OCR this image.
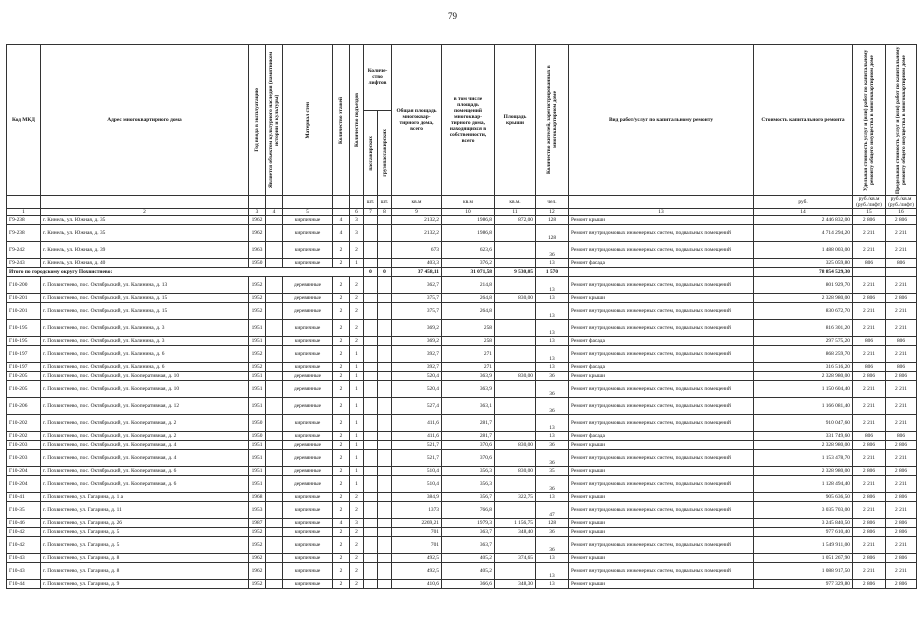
79
Код МКД	Адрес многоквартирного дома	Год ввода в эксплуатацию	Является объектом культурного наследия (памятником истории и культуры)	Материал стен	Количество этажей	Количество подъездов	Количе- ство лифтов		Общая площадь многоквар- тирного дома, всего	в том числе площадь помещений многоквар- тирного дома, находящихся в собственности, всего	Площадь крыши	Количество жителей, зарегистрированных в многоквартирном доме	Вид работ/услуг по капитальному ремонту	Стоимость капитального ремонта	Удельная стоимость услуг и (или) работ по капитальному ремонту общего имущества в многоквартирном доме	Предельная стоимость услуг и (или) работ по капитальному ремонту общего имущества в многоквартирном доме

							пассажирских	грузопассажирских								

							шт.	шт.	кв.м	кв.м	кв.м.	чел.		руб.	руб./кв.м (руб./лифт)	руб./кв.м (руб./лифт)
1	2	3	4	5		6	7	8	9	10	11	12	13	14	15	16
Г9-238	г. Кинель, ул. Южная, д. 35	1962		кирпичные	4	3			2132,2	1986,8	872,00	128	Ремонт крыши	2 446 832,00	2 806	2 806
Г9-238	г. Кинель, ул. Южная, д. 35	1962		кирпичные	4	3			2132,2	1986,8		128	Ремонт внутридомовых инженерных систем, подвальных помещений	4 714 294,20	2 211	2 211
Г9-242	г. Кинель, ул. Южная, д. 39	1963		кирпичные	2	2			673	623,6		36	Ремонт внутридомовых инженерных систем, подвальных помещений	1 488 003,00	2 211	2 211
Г9-243	г. Кинель, ул. Южная, д. 40	1950		кирпичные	2	1			403,3	376,2		13	Ремонт фасада	325 059,80	806	806
Итого по городскому округу Похвистнево:							0	0	37 458,11	31 071,58	9 530,05	1 570		78 854 529,30		
Г10-200	г. Похвистнево, пос. Октябрьский, ул. Калинина, д. 13	1952		деревянные	2	2			362,7	214,8		13	Ремонт внутридомовых инженерных систем, подвальных помещений	801 929,70	2 211	2 211
Г10-201	г. Похвистнево, пос. Октябрьский, ул. Калинина, д. 15	1952		деревянные	2	2			375,7	264,8	830,00	13	Ремонт крыши	2 328 980,00	2 806	2 806
Г10-201	г. Похвистнево, пос. Октябрьский, ул. Калинина, д. 15	1952		деревянные	2	2			375,7	264,8		13	Ремонт внутридомовых инженерных систем, подвальных помещений	830 672,70	2 211	2 211
Г10-195	г. Похвистнево, пос. Октябрьский, ул. Калинина, д. 3	1951		кирпичные	2	2			369,2	258		13	Ремонт внутридомовых инженерных систем, подвальных помещений	816 301,20	2 211	2 211
Г10-195	г. Похвистнево, пос. Октябрьский, ул. Калинина, д. 3	1951		кирпичные	2	2			369,2	258		13	Ремонт фасада	297 575,20	806	806
Г10-197	г. Похвистнево, пос. Октябрьский, ул. Калинина, д. 6	1952		кирпичные	2	1			392,7	271		13	Ремонт внутридомовых инженерных систем, подвальных помещений	868 259,70	2 211	2 211
Г10-197	г. Похвистнево, пос. Октябрьский, ул. Калинина, д. 6	1952		кирпичные	2	1			392,7	271		13	Ремонт фасада	316 516,20	806	806
Г10-205	г. Похвистнево, пос. Октябрьский, ул. Кооперативная, д. 10	1951		деревянные	2	1			520,4	363,9	830,00	36	Ремонт крыши	2 328 980,00	2 806	2 806
Г10-205	г. Похвистнево, пос. Октябрьский, ул. Кооперативная, д. 10	1951		деревянные	2	1			520,4	363,9		36	Ремонт внутридомовых инженерных систем, подвальных помещений	1 150 604,40	2 211	2 211
Г10-206	г. Похвистнево, пос. Октябрьский, ул. Кооперативная, д. 12	1951		деревянные	2	1			527,4	363,1		36	Ремонт внутридомовых инженерных систем, подвальных помещений	1 166 081,40	2 211	2 211
Г10-202	г. Похвистнево, пос. Октябрьский, ул. Кооперативная, д. 2	1950		кирпичные	2	1			411,6	281,7		13	Ремонт внутридомовых инженерных систем, подвальных помещений	910 047,60	2 211	2 211
Г10-202	г. Похвистнево, пос. Октябрьский, ул. Кооперативная, д. 2	1950		кирпичные	2	1			411,6	281,7		13	Ремонт фасада	331 749,60	806	806
Г10-203	г. Похвистнево, пос. Октябрьский, ул. Кооперативная, д. 4	1951		деревянные	2	1			521,7	370,6	830,00	36	Ремонт крыши	2 328 980,00	2 806	2 806
Г10-203	г. Похвистнево, пос. Октябрьский, ул. Кооперативная, д. 4	1951		деревянные	2	1			521,7	370,6		36	Ремонт внутридомовых инженерных систем, подвальных помещений	1 153 478,70	2 211	2 211
Г10-204	г. Похвистнево, пос. Октябрьский, ул. Кооперативная, д. 6	1951		деревянные	2	1			510,4	356,3	830,00	35	Ремонт крыши	2 328 980,00	2 806	2 806
Г10-204	г. Похвистнево, пос. Октябрьский, ул. Кооперативная, д. 6	1951		деревянные	2	1			510,4	356,3		36	Ремонт внутридомовых инженерных систем, подвальных помещений	1 128 494,40	2 211	2 211
Г10-41	г. Похвистнево, ул. Гагарина, д. 1 а	1968		кирпичные	2	2			384,9	356,7	322,75	13	Ремонт крыши	905 636,50	2 806	2 806
Г10-35	г. Похвистнево, ул. Гагарина, д. 11	1953		кирпичные	2	2			1373	766,8		47	Ремонт внутридомовых инженерных систем, подвальных помещений	3 035 703,00	2 211	2 211
Г10-46	г. Похвистнево, ул. Гагарина, д. 26	1987		кирпичные	4	3			2269,21	1979,3	1 156,75	128	Ремонт крыши	3 245 840,50	2 806	2 806
Г10-42	г. Похвистнево, ул. Гагарина, д. 5	1952		кирпичные	2	2			701	363,7	348,40	36	Ремонт крыши	977 610,40	2 806	2 806
Г10-42	г. Похвистнево, ул. Гагарина, д. 5	1952		кирпичные	2	2			701	363,7		36	Ремонт внутридомовых инженерных систем, подвальных помещений	1 549 911,00	2 211	2 211
Г10-43	г. Похвистнево, ул. Гагарина, д. 8	1962		кирпичные	2	2			492,5	405,2	374,65	13	Ремонт крыши	1 051 267,90	2 806	2 806
Г10-43	г. Похвистнево, ул. Гагарина, д. 8	1962		кирпичные	2	2			492,5	405,2		13	Ремонт внутридомовых инженерных систем, подвальных помещений	1 088 917,50	2 211	2 211
Г10-44	г. Похвистнево, ул. Гагарина, д. 9	1952		кирпичные	2	2			410,6	366,6	348,30	13	Ремонт крыши	977 329,80	2 806	2 806
